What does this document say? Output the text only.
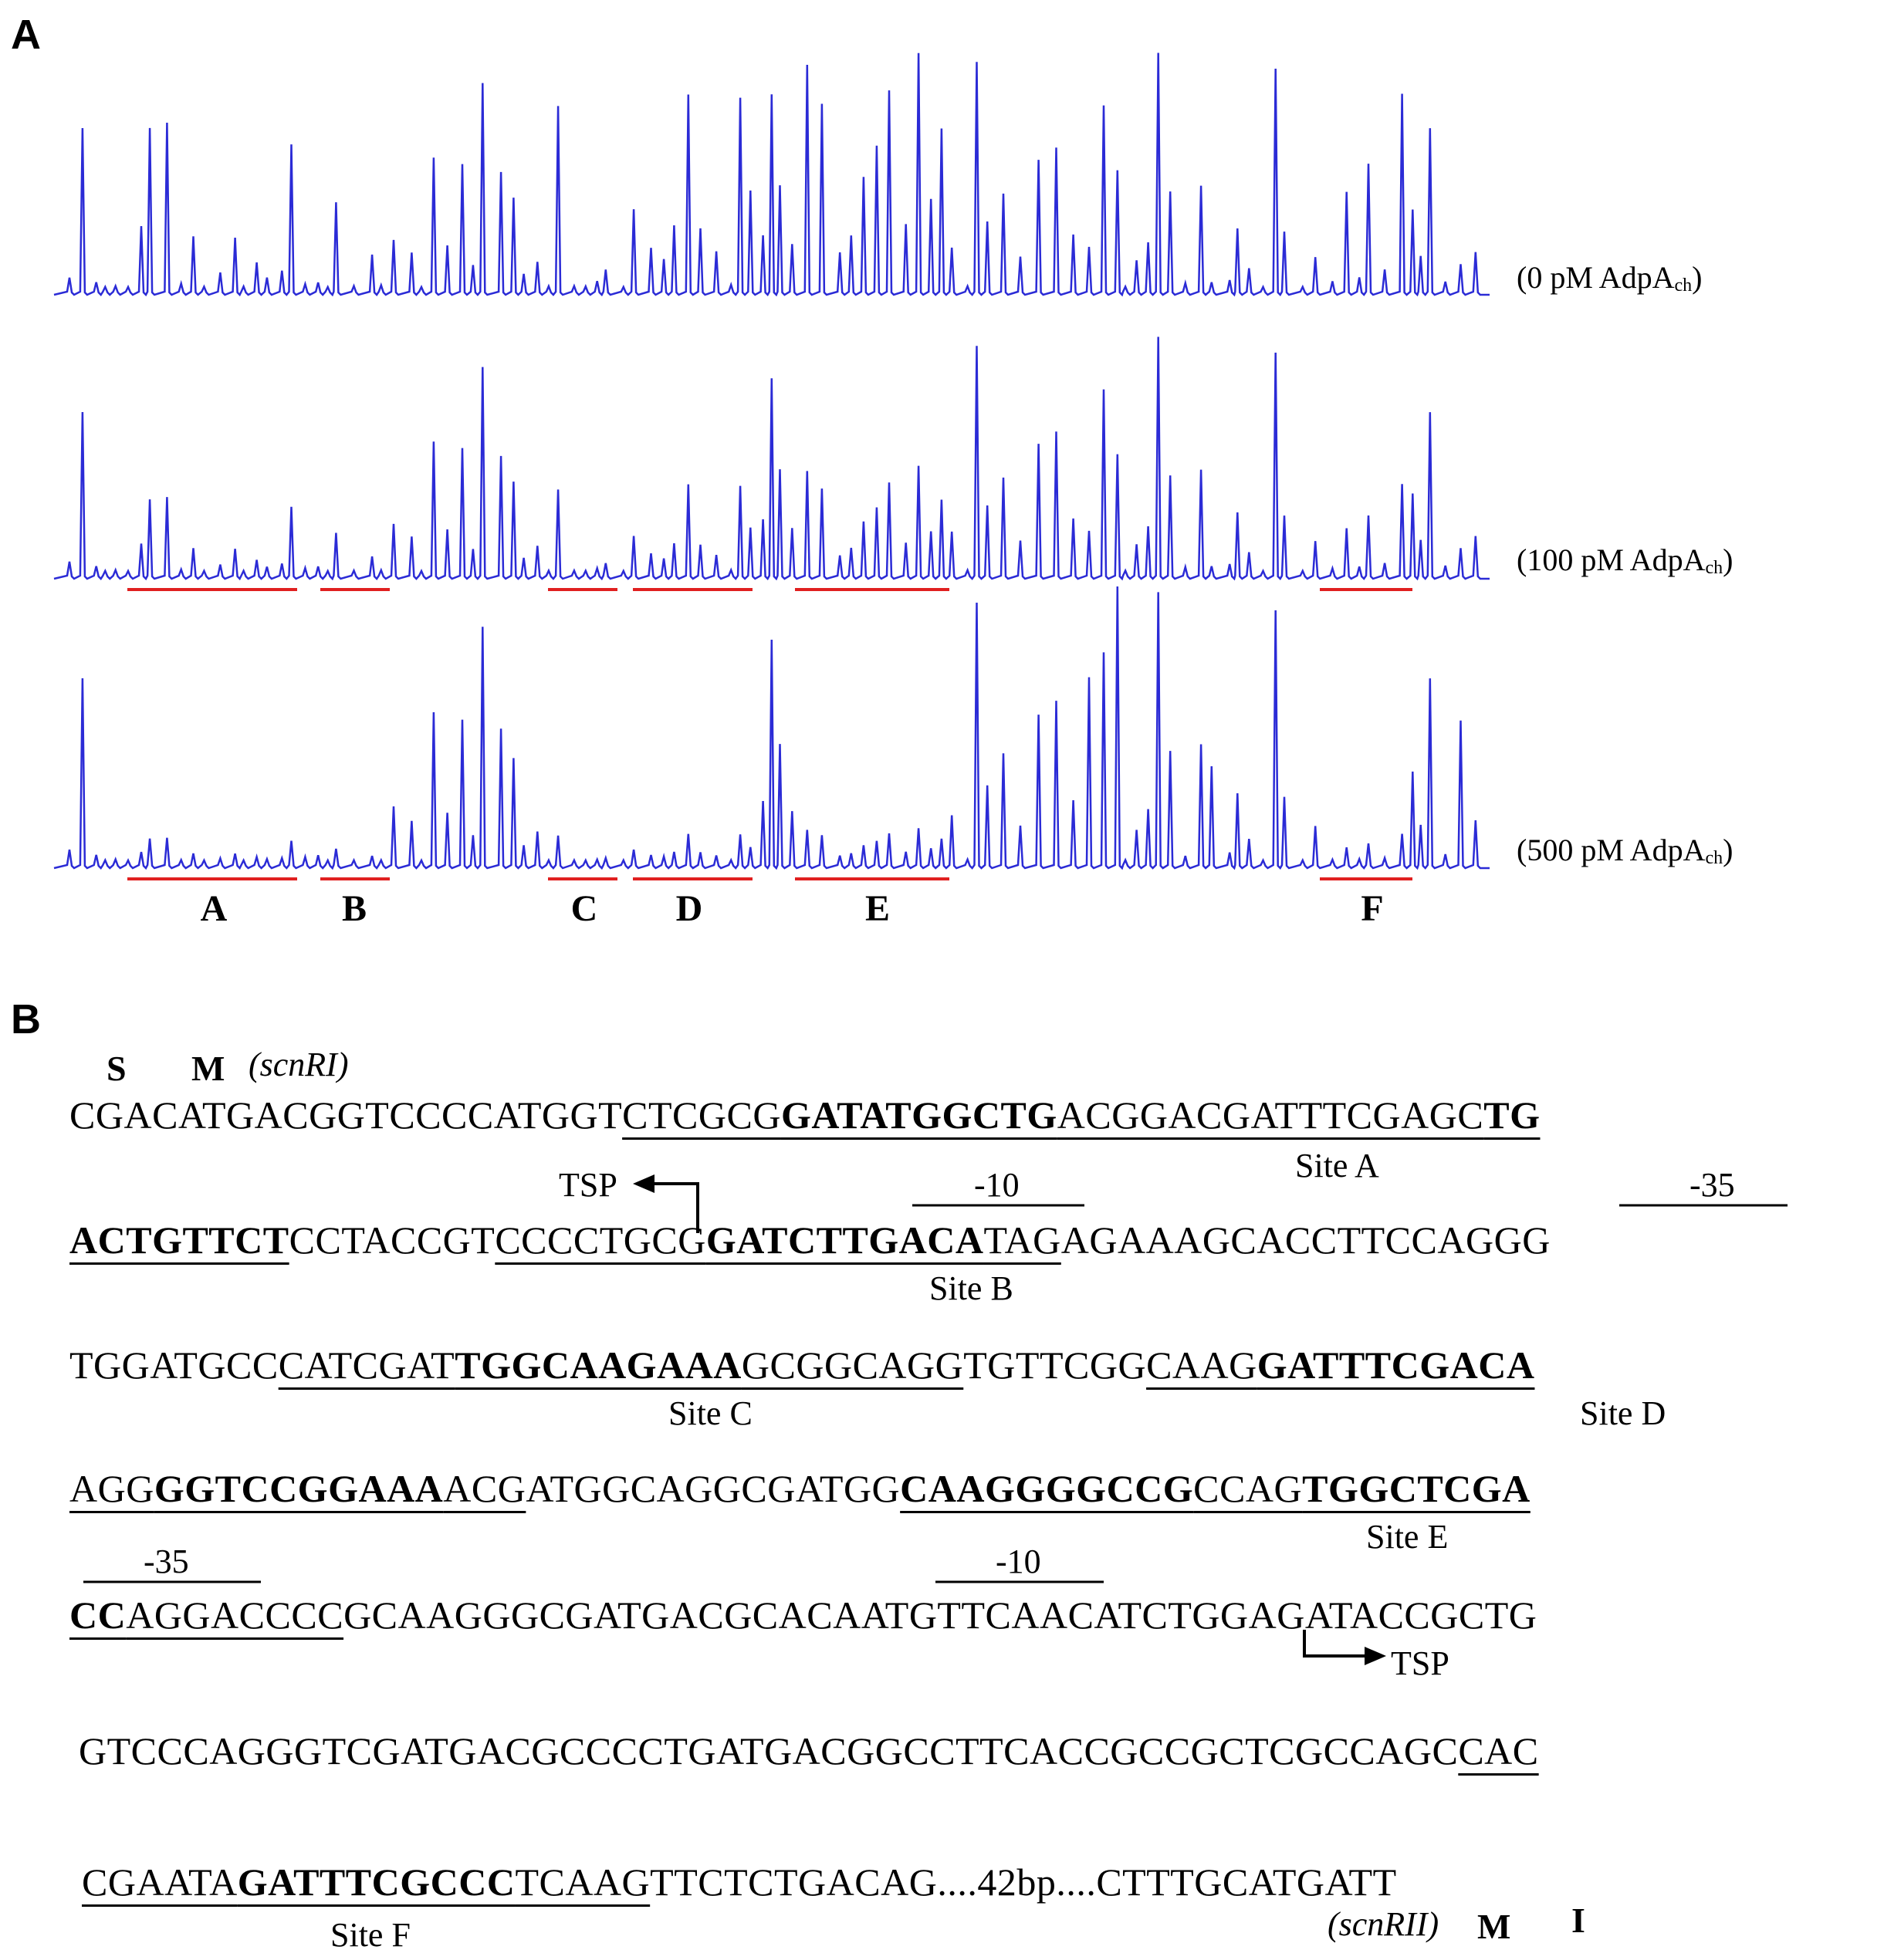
A
(0 pM AdpA$_{ch}$)
(100 pM AdpA$_{ch}$)
(500 pM AdpA$_{ch}$)
A	B	C D	E	F
B
S M (scnRI)
CGACATGACGGTCCCCATGGTCTCGCGGATATGGCTGACGGACGATTTCGAGCTG
Site A
TSP	-10	-35
ACTGTTCTCCTACCGTCCCCTGCGGATCTTGACATAGAGAAAGCACCTTCCAGGG
Site B
TGGATGCCCATCGATTGGCAAGAAAGCGGCAGGTGTTCGGCAAGGATTTCGACA
Site C	Site D
AGGGGTCCGGAAAACGATGGCAGGCGATGGCAAGGGGCCGCCAGTGGCTCGA
Site E
-35	-10
CCAGGACCCCGCAAGGGCGATGACGCACAATGTTCAACATCTGGAGATACCGCTG
TSP
GTCCCAGGGTCGATGACGCCCCTGATGACGGCCTTCACCGCCGCTCGCCAGCCAC
CGAATAGATTTCGCCCTCAAGTTCTCTGACAG....42bp....CTTTGCATGATT
Site F	(scnRII) M I
